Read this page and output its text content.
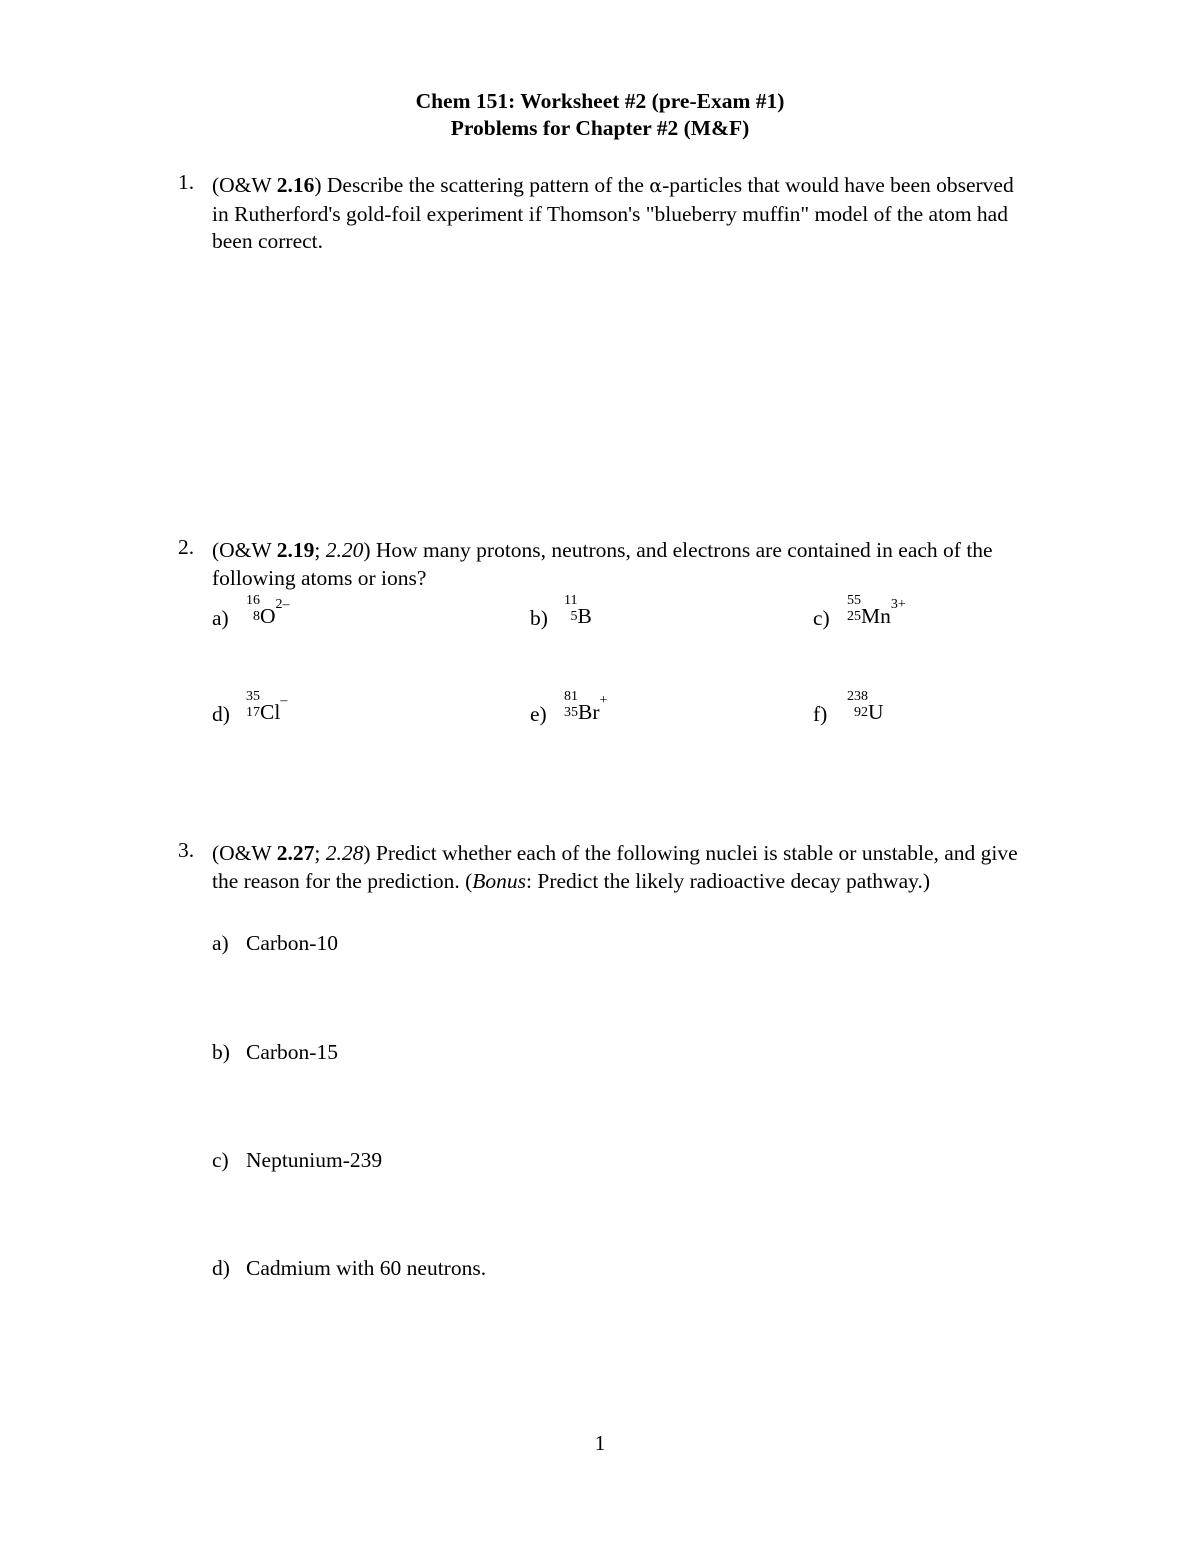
Chem 151: Worksheet #2 (pre-Exam #1)
Problems for Chapter #2 (M&F)
1. (O&W 2.16) Describe the scattering pattern of the α-particles that would have been observed in Rutherford's gold-foil experiment if Thomson's "blueberry muffin" model of the atom had been correct.
2. (O&W 2.19; 2.20) How many protons, neutrons, and electrons are contained in each of the following atoms or ions?
a)
16
8 O2–
b)
11
5 B	c)
55
25 Mn3+
d)
35
17 Cl–
e)
81
35 Br+
f)
238
92 U
3. (O&W 2.27; 2.28) Predict whether each of the following nuclei is stable or unstable, and give the reason for the prediction. (Bonus: Predict the likely radioactive decay pathway.)
a) Carbon-10
b) Carbon-15
c) Neptunium-239
d) Cadmium with 60 neutrons.
1
